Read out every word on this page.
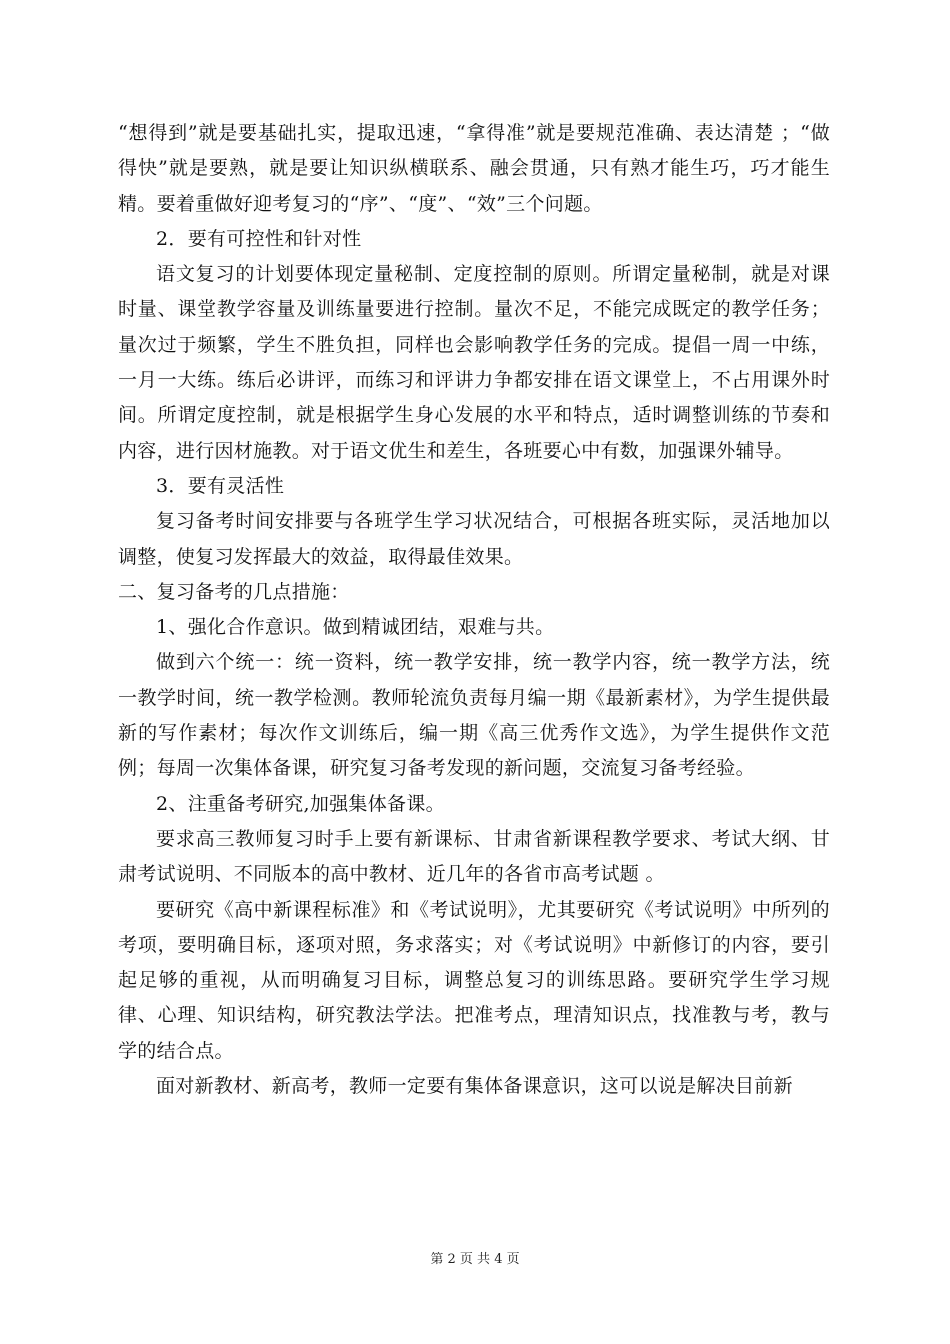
“想得到”就是要基础扎实，提取迅速，“拿得准”就是要规范准确、表达清楚 ；“做得快”就是要熟，就是要让知识纵横联系、融会贯通，只有熟才能生巧，巧才能生精。要着重做好迎考复习的“序”、“度”、“效”三个问题。

2．要有可控性和针对性

语文复习的计划要体现定量秘制、定度控制的原则。所谓定量秘制，就是对课时量、课堂教学容量及训练量要进行控制。量次不足，不能完成既定的教学任务；量次过于频繁，学生不胜负担，同样也会影响教学任务的完成。提倡一周一中练，一月一大练。练后必讲评，而练习和评讲力争都安排在语文课堂上，不占用课外时间。所谓定度控制，就是根据学生身心发展的水平和特点，适时调整训练的节奏和内容，进行因材施教。对于语文优生和差生，各班要心中有数，加强课外辅导。

3．要有灵活性

复习备考时间安排要与各班学生学习状况结合，可根据各班实际，灵活地加以调整，使复习发挥最大的效益，取得最佳效果。

二、复习备考的几点措施：

1、强化合作意识。做到精诚团结，艰难与共。

做到六个统一：统一资料，统一教学安排，统一教学内容，统一教学方法，统一教学时间，统一教学检测。教师轮流负责每月编一期《最新素材》，为学生提供最新的写作素材；每次作文训练后，编一期《高三优秀作文选》，为学生提供作文范例；每周一次集体备课，研究复习备考发现的新问题，交流复习备考经验。

2、注重备考研究,加强集体备课。

要求高三教师复习时手上要有新课标、甘肃省新课程教学要求、考试大纲、甘肃考试说明、不同版本的高中教材、近几年的各省市高考试题 。

要研究《高中新课程标准》和《考试说明》，尤其要研究《考试说明》中所列的考项，要明确目标，逐项对照，务求落实；对《考试说明》中新修订的内容，要引起足够的重视，从而明确复习目标，调整总复习的训练思路。要研究学生学习规律、心理、知识结构，研究教法学法。把准考点，理清知识点，找准教与考，教与学的结合点。

面对新教材、新高考，教师一定要有集体备课意识，这可以说是解决目前新

第 2 页 共 4 页
